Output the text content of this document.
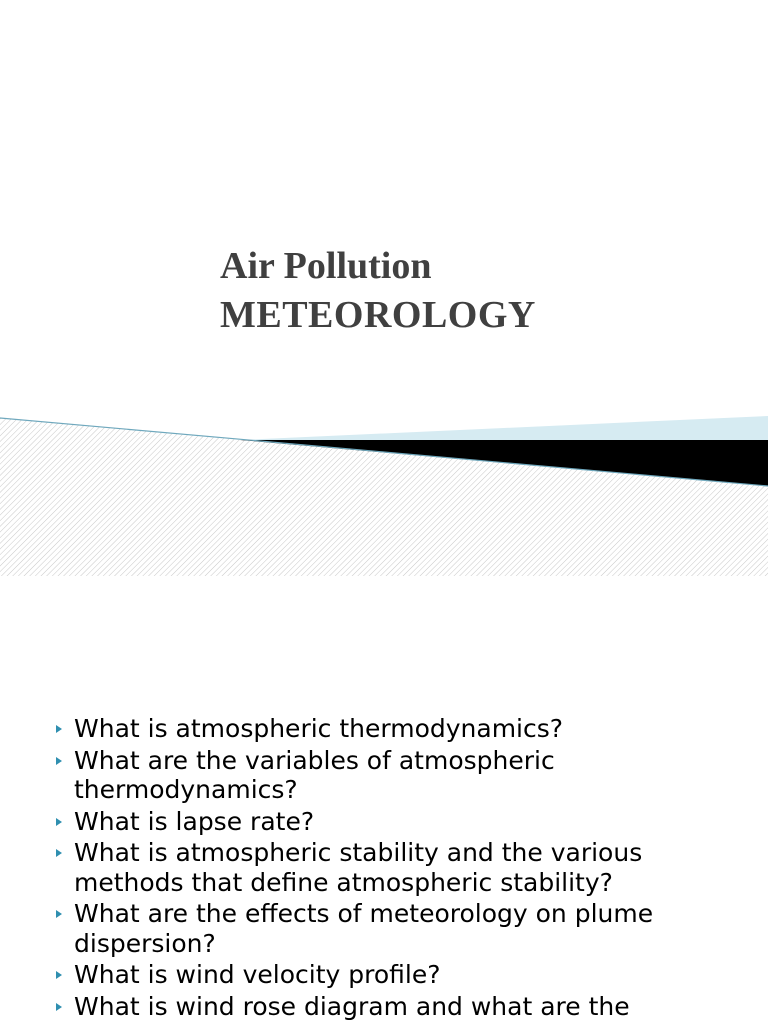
Air Pollution
METEOROLOGY
What is atmospheric thermodynamics?
What are the variables of atmospheric thermodynamics?
What is lapse rate?
What is atmospheric stability and the various methods that define atmospheric stability?
What are the effects of meteorology on plume dispersion?
What is wind velocity profile?
What is wind rose diagram and what are the
